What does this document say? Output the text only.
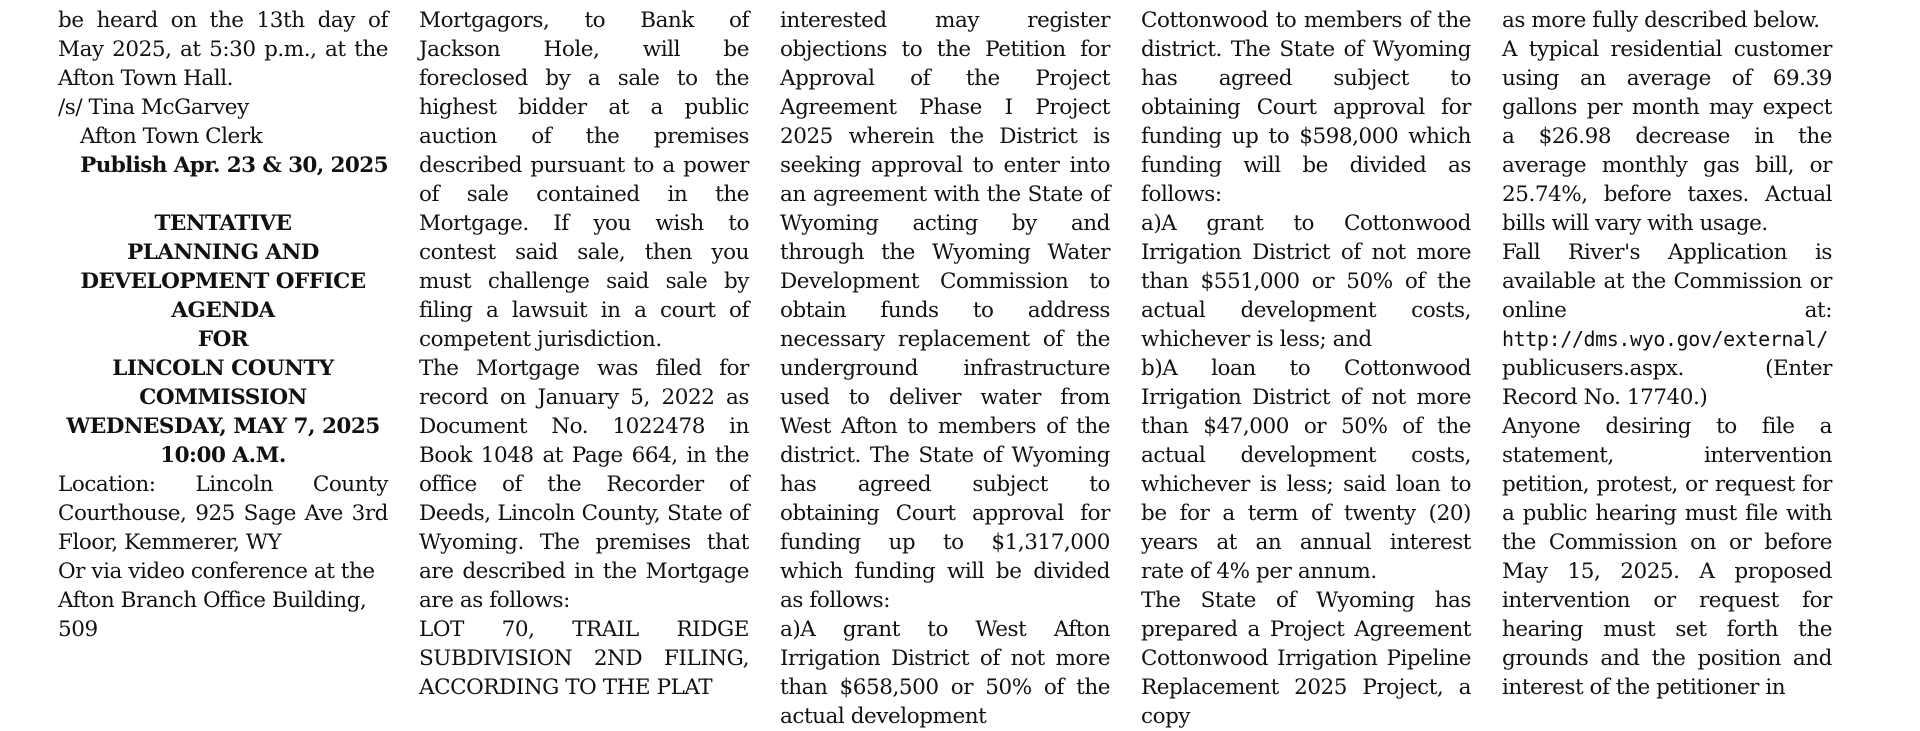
be heard on the 13th day of May 2025, at 5:30 p.m., at the Afton Town Hall.

/s/ Tina McGarvey

Afton Town Clerk

Publish Apr. 23 & 30, 2025

TENTATIVE

PLANNING AND

DEVELOPMENT OFFICE

AGENDA

FOR

LINCOLN COUNTY

COMMISSION

WEDNESDAY, MAY 7, 2025

10:00 A.M.

Location: Lincoln County Courthouse, 925 Sage Ave 3rd Floor, Kemmerer, WY

Or via video conference at the

Afton Branch Office Building, 509

Mortgagors, to Bank of Jackson Hole, will be foreclosed by a sale to the highest bidder at a public auction of the premises described pursuant to a power of sale contained in the Mortgage. If you wish to contest said sale, then you must challenge said sale by filing a lawsuit in a court of competent jurisdiction.

The Mortgage was filed for record on January 5, 2022 as Document No. 1022478 in Book 1048 at Page 664, in the office of the Recorder of Deeds, Lincoln County, State of Wyoming. The premises that are described in the Mortgage are as follows:

LOT 70, TRAIL RIDGE SUBDIVISION 2ND FILING, ACCORDING TO THE PLAT

interested may register objections to the Petition for Approval of the Project Agreement Phase I Project 2025 wherein the District is seeking approval to enter into an agreement with the State of Wyoming acting by and through the Wyoming Water Development Commission to obtain funds to address necessary replacement of the underground infrastructure used to deliver water from West Afton to members of the district. The State of Wyoming has agreed subject to obtaining Court approval for funding up to $1,317,000 which funding will be divided as follows:

a)A grant to West Afton Irrigation District of not more than $658,500 or 50% of the actual development

Cottonwood to members of the district. The State of Wyoming has agreed subject to obtaining Court approval for funding up to $598,000 which funding will be divided as follows:

a)A grant to Cottonwood Irrigation District of not more than $551,000 or 50% of the actual development costs, whichever is less; and

b)A loan to Cottonwood Irrigation District of not more than $47,000 or 50% of the actual development costs, whichever is less; said loan to be for a term of twenty (20) years at an annual interest rate of 4% per annum.

The State of Wyoming has prepared a Project Agreement Cottonwood Irrigation Pipeline Replacement 2025 Project, a copy

as more fully described below.

A typical residential customer using an average of 69.39 gallons per month may expect a $26.98 decrease in the average monthly gas bill, or 25.74%, before taxes. Actual bills will vary with usage.

Fall River's Application is available at the Commission or online at: http://dms.wyo.gov/external/ publicusers.aspx. (Enter Record No. 17740.)

Anyone desiring to file a statement, intervention petition, protest, or request for a public hearing must file with the Commission on or before May 15, 2025. A proposed intervention or request for hearing must set forth the grounds and the position and interest of the petitioner in
